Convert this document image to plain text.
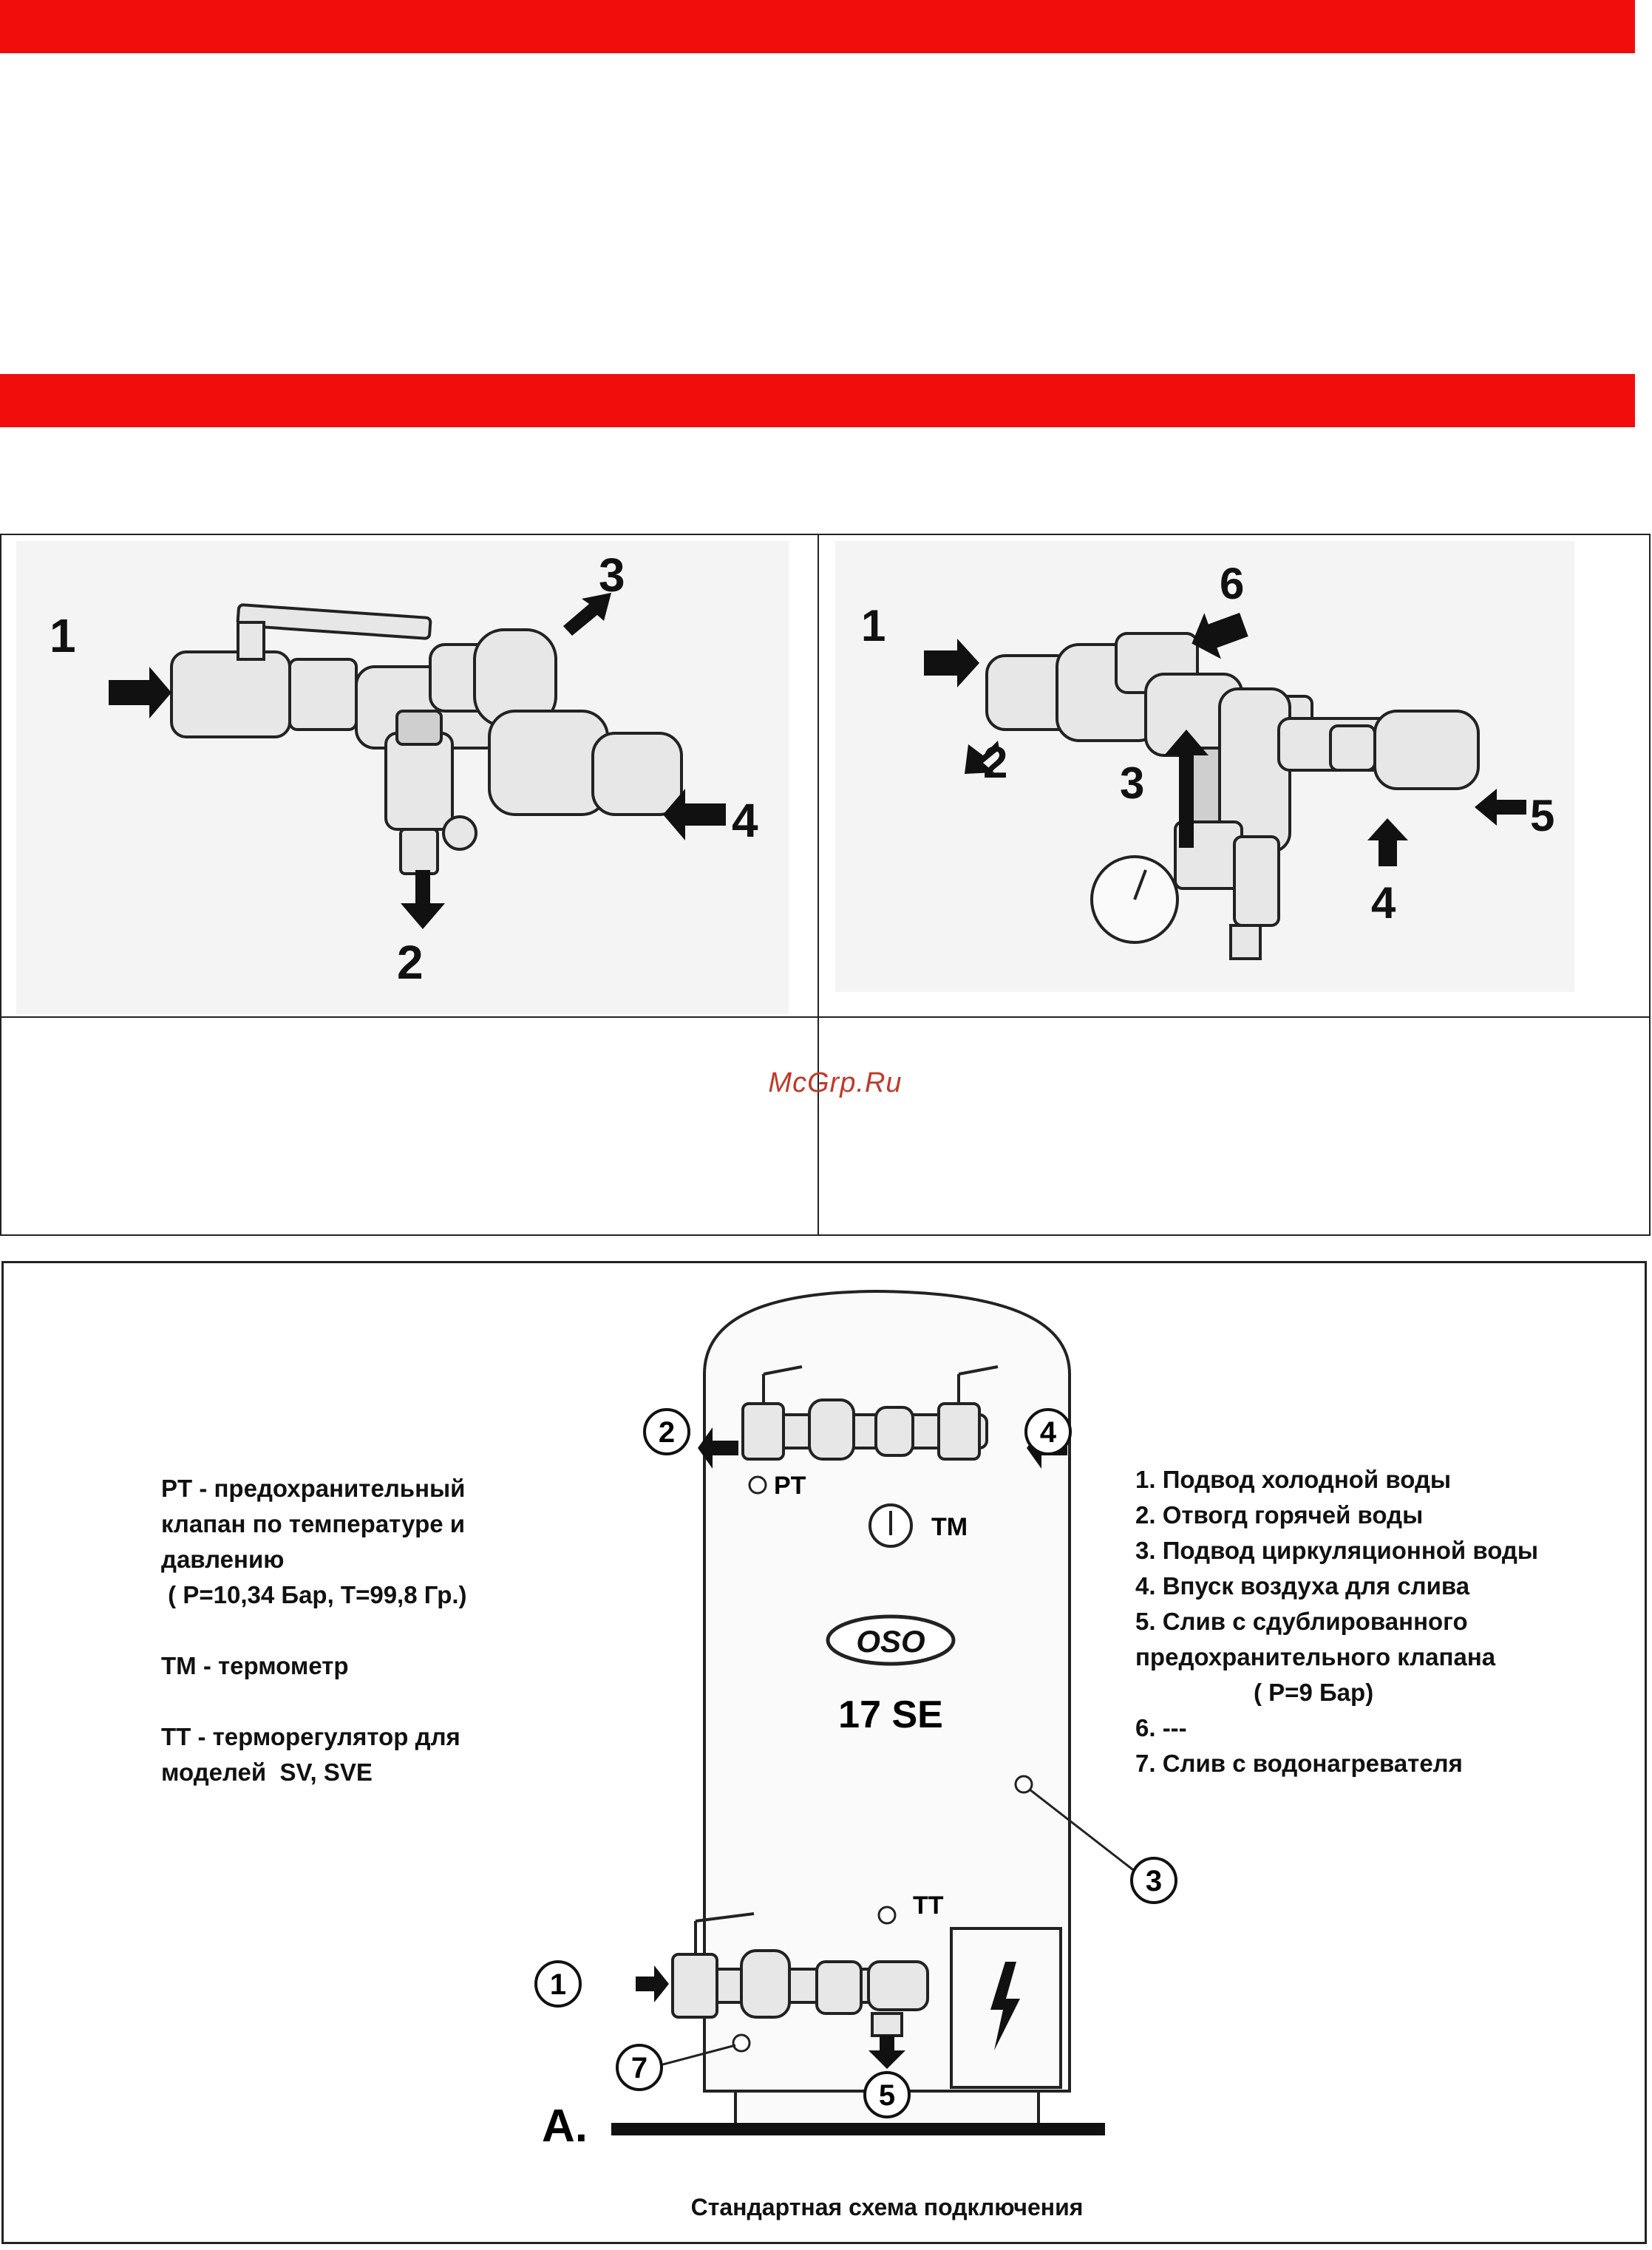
1
2
3
4
1
2	3
4
5
6
McGrp.Ru
OSO
2	4
3
1
7
5
PT
TM
TT
17 SE
A.

PT - предохранительный

клапан по температуре и

давлению

( P=10,34 Бар, T=99,8 Гр.)

TM - термометр

TT - терморегулятор для

моделей  SV, SVE

1. Подвод холодной воды

2. Отвогд горячей воды

3. Подвод циркуляционной воды

4. Впуск воздуха для слива

5. Слив с сдублированного

предохранительного клапана

( P=9 Бар)

6. ---

7. Слив с водонагревателя

Стандартная схема подключения
